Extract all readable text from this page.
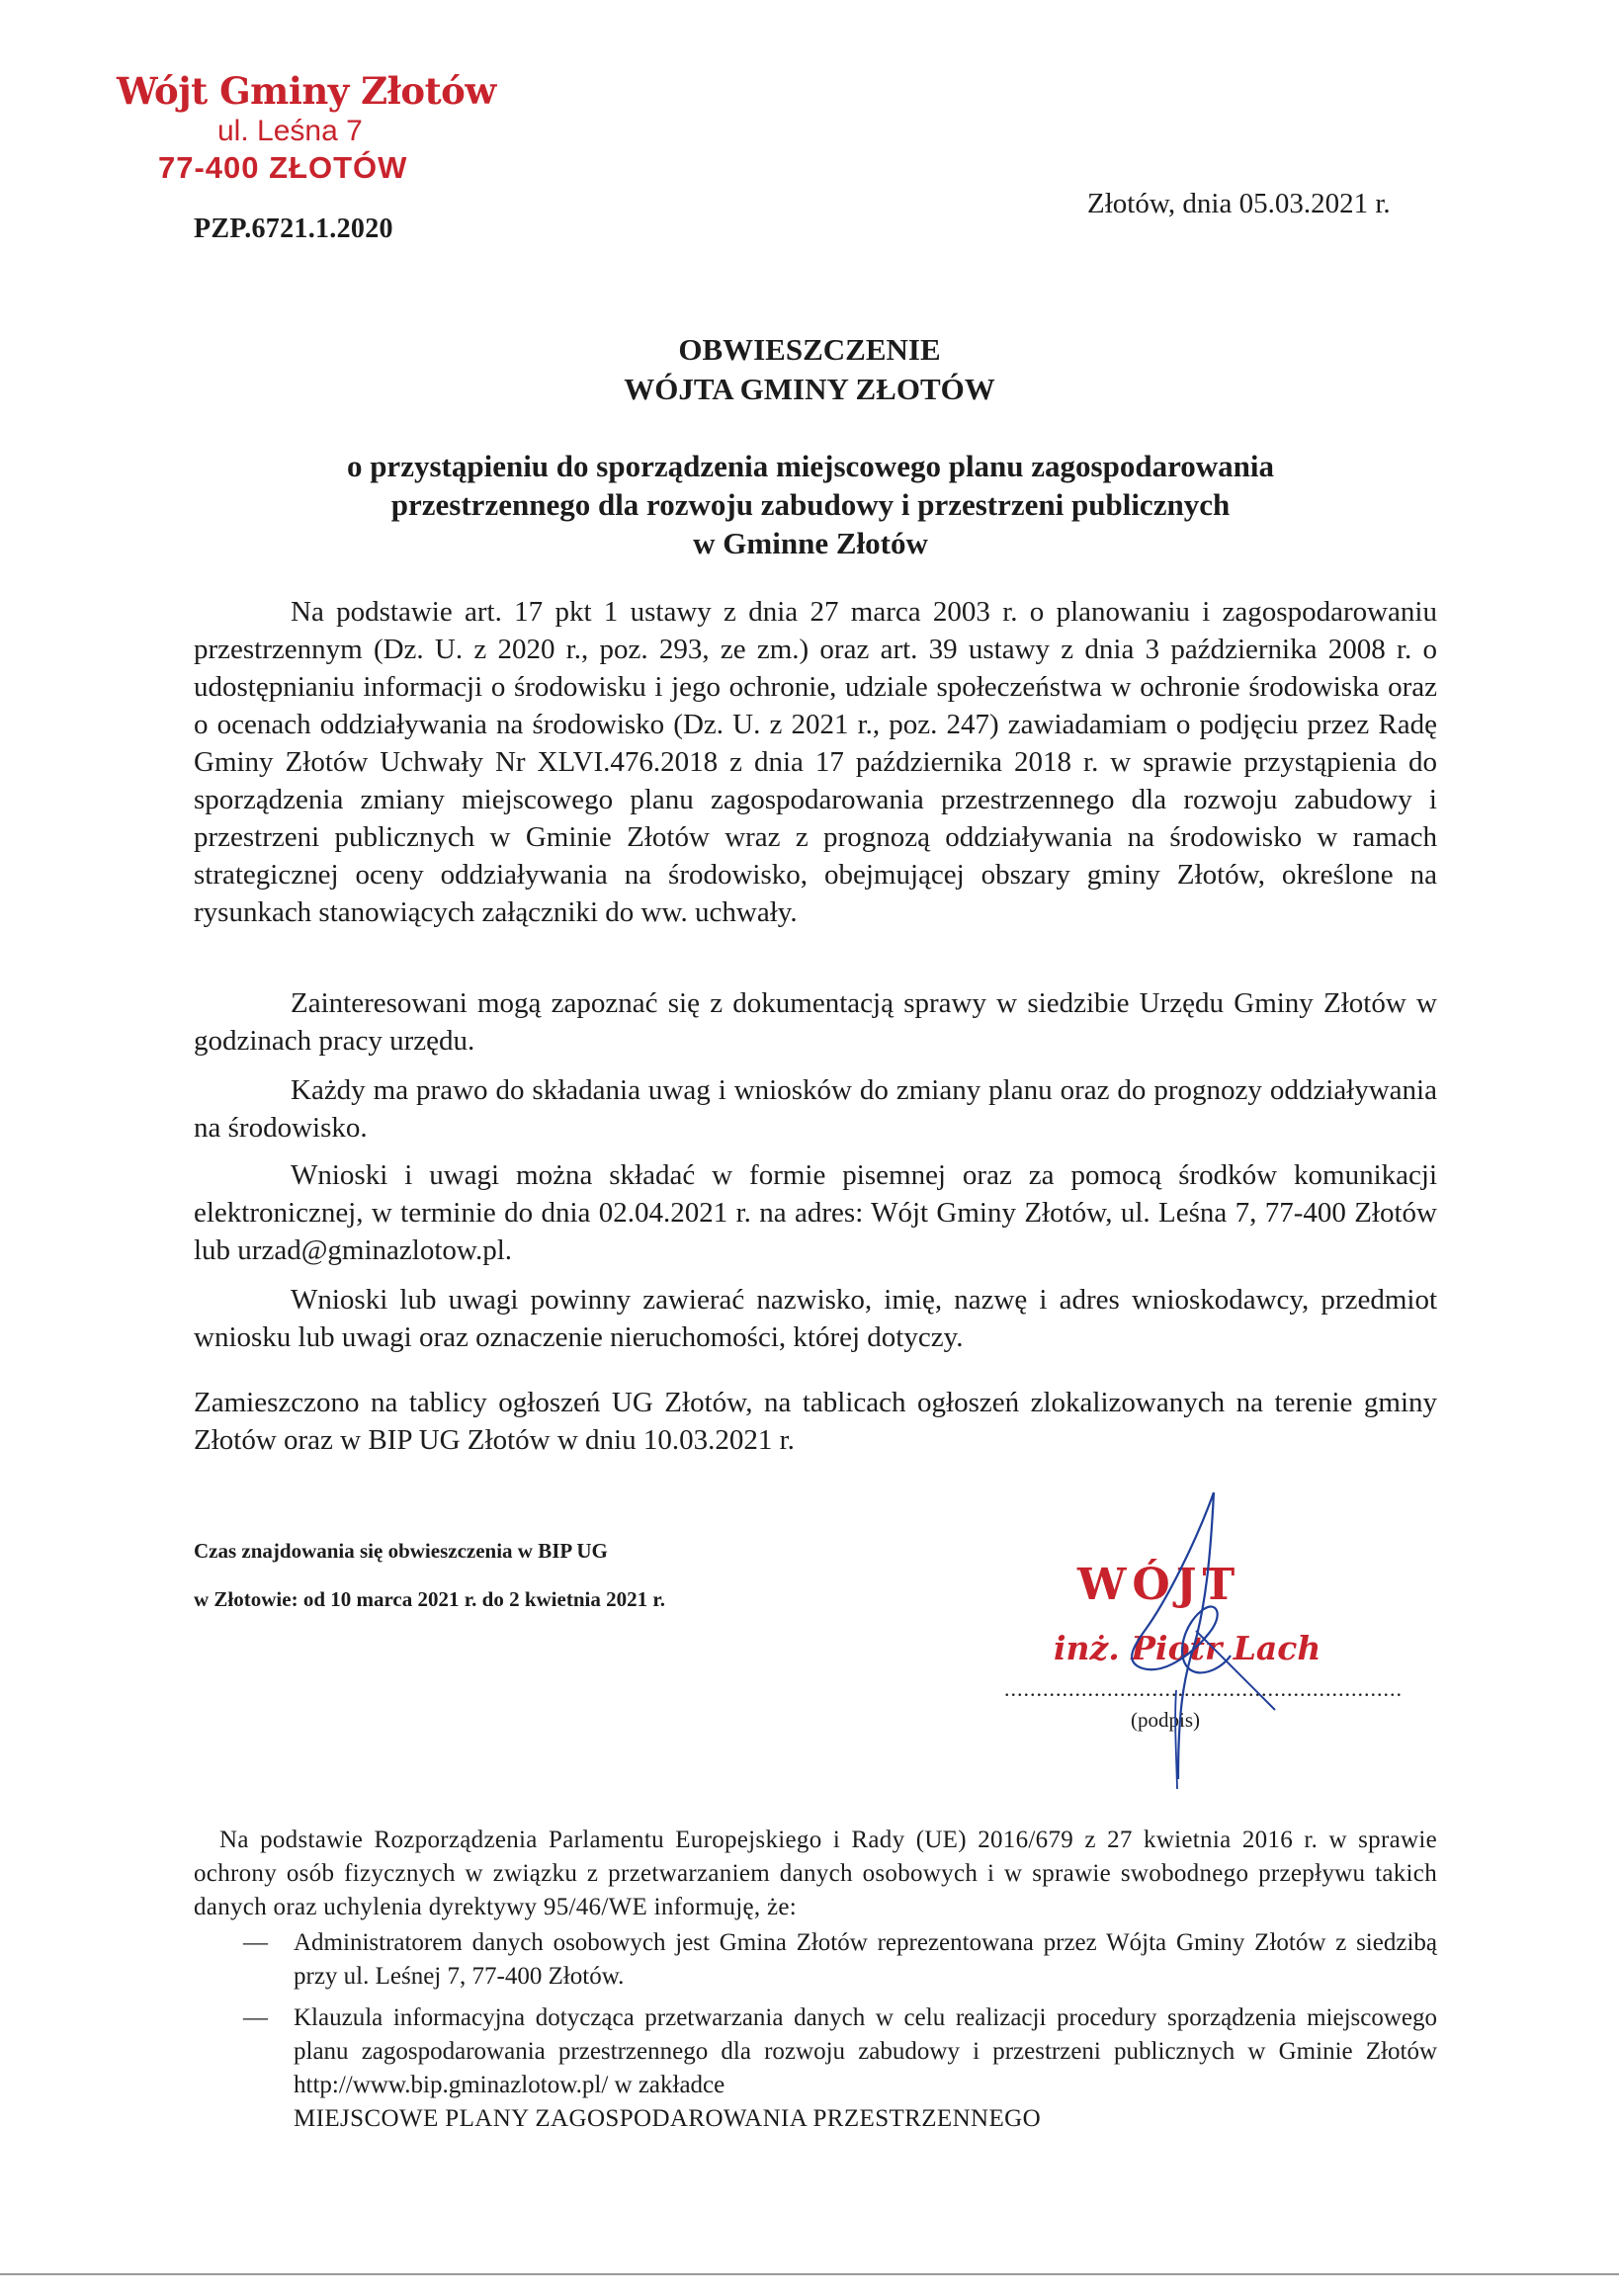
Wójt Gminy Złotów
ul. Leśna 7
77-400 ZŁOTÓW
PZP.6721.1.2020
Złotów, dnia 05.03.2021 r.
OBWIESZCZENIE
WÓJTA GMINY ZŁOTÓW
o przystąpieniu do sporządzenia miejscowego planu zagospodarowania
przestrzennego dla rozwoju zabudowy i przestrzeni publicznych
w Gminne Złotów

Na podstawie art. 17 pkt 1 ustawy z dnia 27 marca 2003 r. o planowaniu i zagospodarowaniu przestrzennym (Dz. U. z 2020 r., poz. 293, ze zm.) oraz art. 39 ustawy z dnia 3 października 2008 r. o udostępnianiu informacji o środowisku i jego ochronie, udziale społeczeństwa w ochronie środowiska oraz o ocenach oddziaływania na środowisko (Dz. U. z 2021 r., poz. 247) zawiadamiam o podjęciu przez Radę Gminy Złotów Uchwały Nr XLVI.476.2018 z dnia 17 października 2018 r. w sprawie przystąpienia do sporządzenia zmiany miejscowego planu zagospodarowania przestrzennego dla rozwoju zabudowy i przestrzeni publicznych w Gminie Złotów wraz z prognozą oddziaływania na środowisko w ramach strategicznej oceny oddziaływania na środowisko, obejmującej obszary gminy Złotów, określone na rysunkach stanowiących załączniki do ww. uchwały.

Zainteresowani mogą zapoznać się z dokumentacją sprawy w siedzibie Urzędu Gminy Złotów w godzinach pracy urzędu.

Każdy ma prawo do składania uwag i wniosków do zmiany planu oraz do prognozy oddziaływania na środowisko.

Wnioski i uwagi można składać w formie pisemnej oraz za pomocą środków komunikacji elektronicznej, w terminie do dnia 02.04.2021 r. na adres: Wójt Gminy Złotów, ul. Leśna 7, 77-400 Złotów lub urzad@gminazlotow.pl.

Wnioski lub uwagi powinny zawierać nazwisko, imię, nazwę i adres wnioskodawcy, przedmiot wniosku lub uwagi oraz oznaczenie nieruchomości, której dotyczy.

Zamieszczono na tablicy ogłoszeń UG Złotów, na tablicach ogłoszeń zlokalizowanych na terenie gminy Złotów oraz w BIP UG Złotów w dniu 10.03.2021 r.

Czas znajdowania się obwieszczenia w BIP UG
w Złotowie: od 10 marca 2021 r. do 2 kwietnia 2021 r.	WÓJT
inż. Piotr Lach
..............................................................
(podpis)

Na podstawie Rozporządzenia Parlamentu Europejskiego i Rady (UE) 2016/679 z 27 kwietnia 2016 r. w sprawie ochrony osób fizycznych w związku z przetwarzaniem danych osobowych i w sprawie swobodnego przepływu takich danych oraz uchylenia dyrektywy 95/46/WE informuję, że:

— Administratorem danych osobowych jest Gmina Złotów reprezentowana przez Wójta Gminy Złotów z siedzibą przy ul. Leśnej 7, 77-400 Złotów.
— Klauzula informacyjna dotycząca przetwarzania danych w celu realizacji procedury sporządzenia miejscowego planu zagospodarowania przestrzennego dla rozwoju zabudowy i przestrzeni publicznych w Gminie Złotów http://www.bip.gminazlotow.pl/ w zakładce
MIEJSCOWE PLANY ZAGOSPODAROWANIA PRZESTRZENNEGO
